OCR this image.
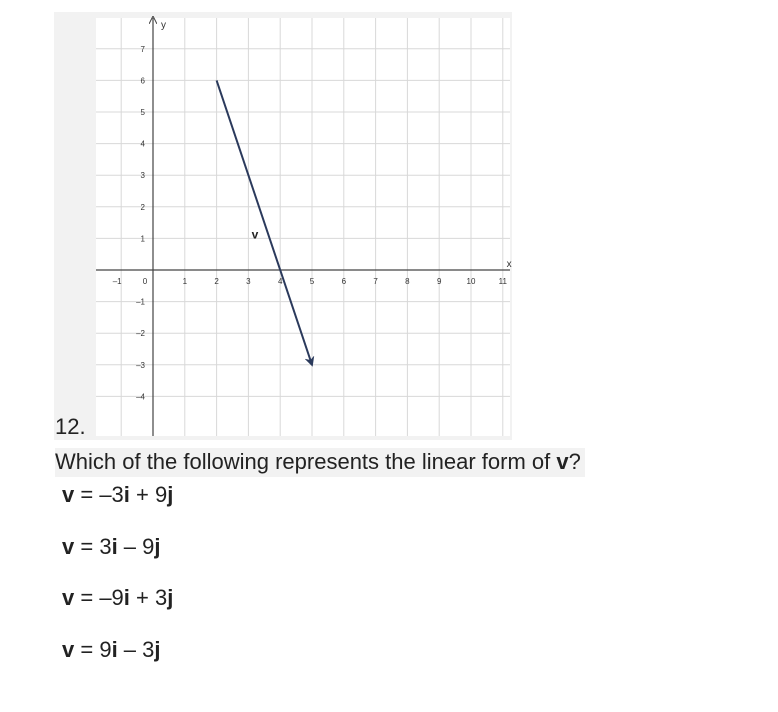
x
y
–1	0	1	2	3	4	5	6	7	8	9	10	11
7
6
5
4
3
2
1
–1
–2
–3
–4
v
12.
Which of the following represents the linear form of v?
v = –3i + 9j
v = 3i – 9j
v = –9i + 3j
v = 9i – 3j
